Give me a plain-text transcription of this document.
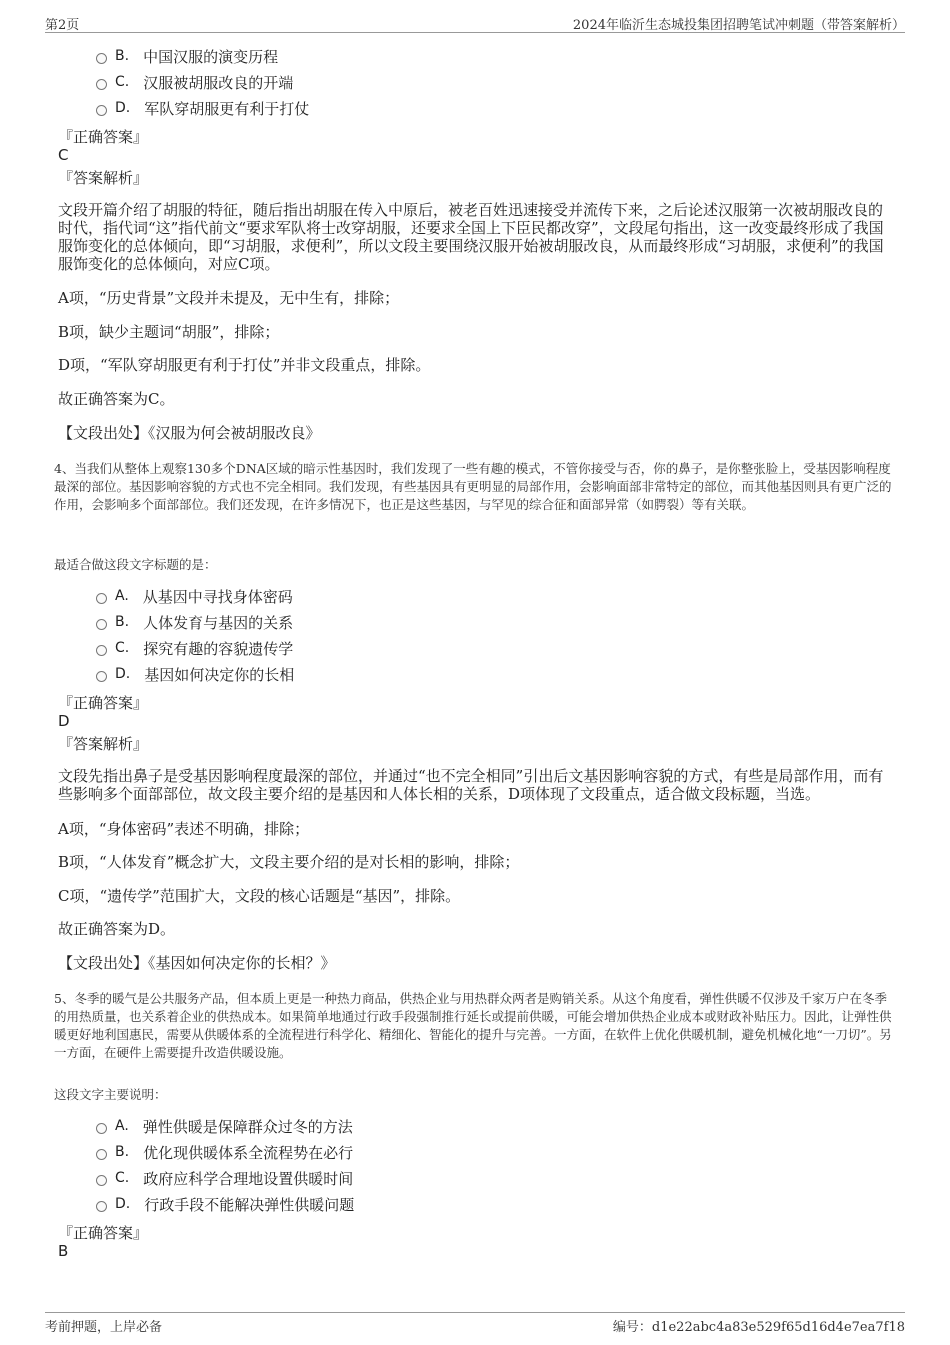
第2页	2024年临沂生态城投集团招聘笔试冲刺题（带答案解析）
B. 中国汉服的演变历程
C. 汉服被胡服改良的开端
D. 军队穿胡服更有利于打仗
『正确答案』
C
『答案解析』
文段开篇介绍了胡服的特征，随后指出胡服在传入中原后，被老百姓迅速接受并流传下来，之后论述汉服第一次被胡服改良的时代，指代词“这”指代前文“要求军队将士改穿胡服，还要求全国上下臣民都改穿”，文段尾句指出，这一改变最终形成了我国服饰变化的总体倾向，即“习胡服，求便利”，所以文段主要围绕汉服开始被胡服改良，从而最终形成“习胡服，求便利”的我国服饰变化的总体倾向，对应C项。
A项，“历史背景”文段并未提及，无中生有，排除；
B项，缺少主题词“胡服”，排除；
D项，“军队穿胡服更有利于打仗”并非文段重点，排除。
故正确答案为C。
【文段出处】《汉服为何会被胡服改良》
4、当我们从整体上观察130多个DNA区域的暗示性基因时，我们发现了一些有趣的模式，不管你接受与否，你的鼻子，是你整张脸上，受基因影响程度最深的部位。基因影响容貌的方式也不完全相同。我们发现，有些基因具有更明显的局部作用，会影响面部非常特定的部位，而其他基因则具有更广泛的作用，会影响多个面部部位。我们还发现，在许多情况下，也正是这些基因，与罕见的综合征和面部异常（如腭裂）等有关联。
最适合做这段文字标题的是：
A. 从基因中寻找身体密码
B. 人体发育与基因的关系
C. 探究有趣的容貌遗传学
D. 基因如何决定你的长相
『正确答案』
D
『答案解析』
文段先指出鼻子是受基因影响程度最深的部位，并通过“也不完全相同”引出后文基因影响容貌的方式，有些是局部作用，而有些影响多个面部部位，故文段主要介绍的是基因和人体长相的关系，D项体现了文段重点，适合做文段标题，当选。
A项，“身体密码”表述不明确，排除；
B项，“人体发育”概念扩大，文段主要介绍的是对长相的影响，排除；
C项，“遗传学”范围扩大，文段的核心话题是“基因”，排除。
故正确答案为D。
【文段出处】《基因如何决定你的长相？》
5、冬季的暖气是公共服务产品，但本质上更是一种热力商品，供热企业与用热群众两者是购销关系。从这个角度看，弹性供暖不仅涉及千家万户在冬季的用热质量，也关系着企业的供热成本。如果简单地通过行政手段强制推行延长或提前供暖，可能会增加供热企业成本或财政补贴压力。因此，让弹性供暖更好地利国惠民，需要从供暖体系的全流程进行科学化、精细化、智能化的提升与完善。一方面，在软件上优化供暖机制，避免机械化地“一刀切”。另一方面，在硬件上需要提升改造供暖设施。
这段文字主要说明：
A. 弹性供暖是保障群众过冬的方法
B. 优化现供暖体系全流程势在必行
C. 政府应科学合理地设置供暖时间
D. 行政手段不能解决弹性供暖问题
『正确答案』
B
考前押题，上岸必备	编号：d1e22abc4a83e529f65d16d4e7ea7f18
